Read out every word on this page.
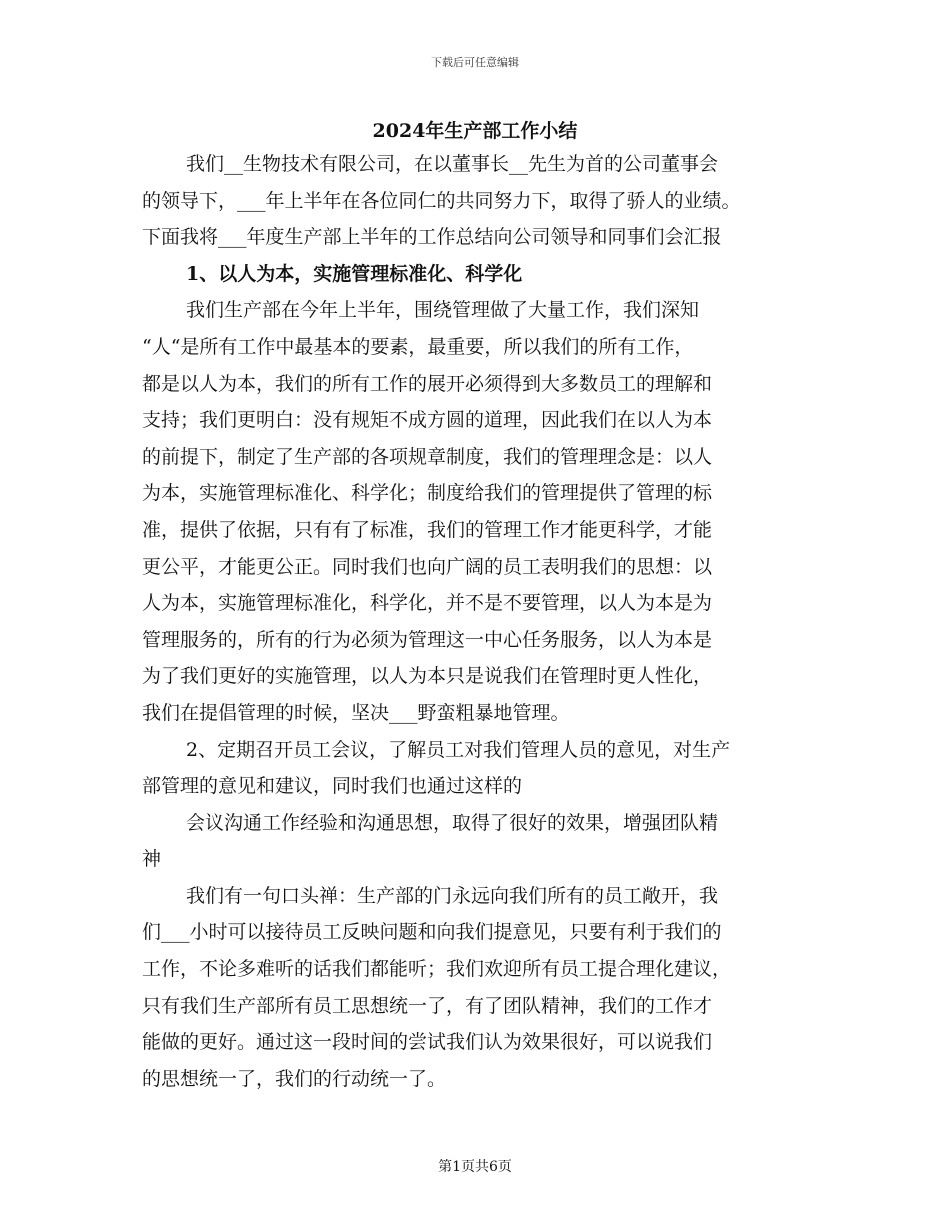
下载后可任意编辑
2024年生产部工作小结
我们__生物技术有限公司，在以董事长__先生为首的公司董事会
的领导下，___年上半年在各位同仁的共同努力下，取得了骄人的业绩。
下面我将___年度生产部上半年的工作总结向公司领导和同事们会汇报
1、以人为本，实施管理标准化、科学化
我们生产部在今年上半年，围绕管理做了大量工作，我们深知
“人“是所有工作中最基本的要素，最重要，所以我们的所有工作，
都是以人为本，我们的所有工作的展开必须得到大多数员工的理解和
支持；我们更明白：没有规矩不成方圆的道理，因此我们在以人为本
的前提下，制定了生产部的各项规章制度，我们的管理理念是：以人
为本，实施管理标准化、科学化；制度给我们的管理提供了管理的标
准，提供了依据，只有有了标准，我们的管理工作才能更科学，才能
更公平，才能更公正。同时我们也向广阔的员工表明我们的思想：以
人为本，实施管理标准化，科学化，并不是不要管理，以人为本是为
管理服务的，所有的行为必须为管理这一中心任务服务，以人为本是
为了我们更好的实施管理，以人为本只是说我们在管理时更人性化，
我们在提倡管理的时候，坚决___野蛮粗暴地管理。
2、定期召开员工会议，了解员工对我们管理人员的意见，对生产
部管理的意见和建议，同时我们也通过这样的
会议沟通工作经验和沟通思想，取得了很好的效果，增强团队精
神
我们有一句口头禅：生产部的门永远向我们所有的员工敞开，我
们___小时可以接待员工反映问题和向我们提意见，只要有利于我们的
工作，不论多难听的话我们都能听；我们欢迎所有员工提合理化建议，
只有我们生产部所有员工思想统一了，有了团队精神，我们的工作才
能做的更好。通过这一段时间的尝试我们认为效果很好，可以说我们
的思想统一了，我们的行动统一了。
第1页共6页
